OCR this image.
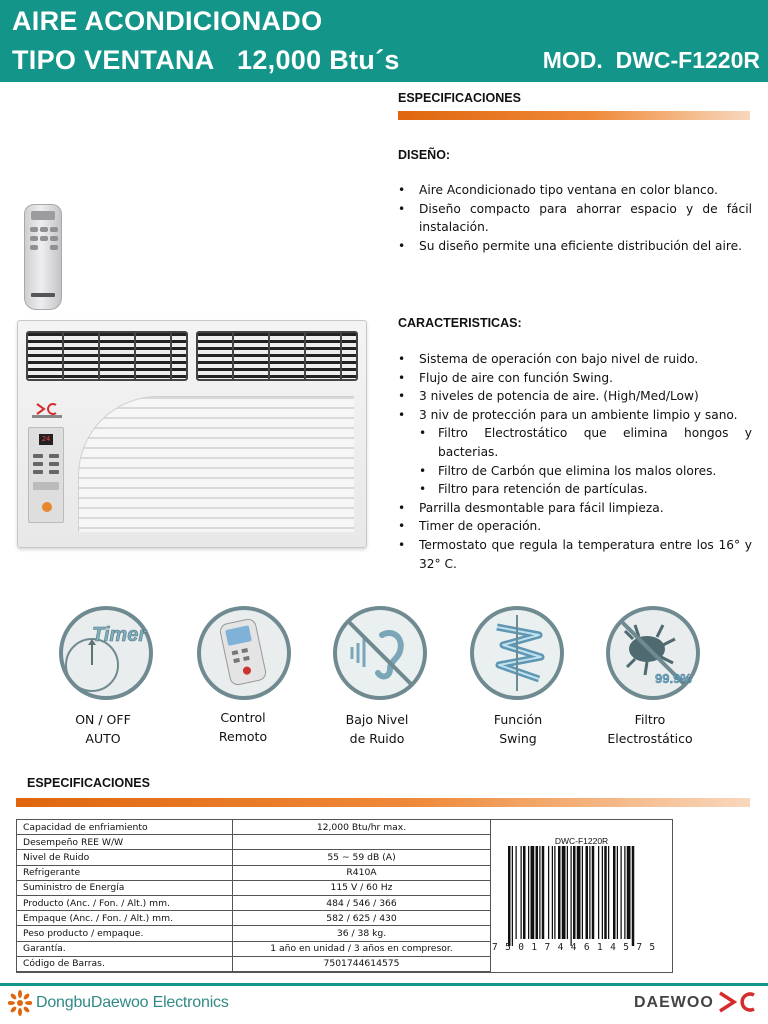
AIRE ACONDICIONADO
TIPO VENTANA   12,000 Btu´s	MOD.  DWC-F1220R
ESPECIFICACIONES
DISEÑO:
• Aire Acondicionado tipo ventana en color blanco.
• Diseño compacto para ahorrar espacio y de fácil instalación.
• Su diseño permite una eficiente distribución del aire.
CARACTERISTICAS:
• Sistema de operación con bajo nivel de ruido.
• Flujo de aire con función Swing.
• 3 niveles de potencia de aire. (High/Med/Low)
• 3 niv de protección para un ambiente limpio y sano.
• Filtro Electrostático que elimina hongos y bacterias.
• Filtro de Carbón que elimina los malos olores.
• Filtro para retención de partículas.
• Parrilla desmontable para fácil limpieza.
• Timer de operación.
• Termostato que regula la temperatura entre los 16° y 32° C.
24
Timer
99.9%
ON / OFF
AUTO
Control
Remoto
Bajo Nivel
de Ruido
Función
Swing
Filtro
Electrostático
ESPECIFICACIONES
Capacidad de enfriamiento	12,000 Btu/hr max.
Desempeño REE W/W	
Nivel de Ruido	55 ~ 59 dB (A)
Refrigerante	R410A
Suministro de Energía	115 V / 60 Hz
Producto (Anc. / Fon. / Alt.) mm.	484 / 546 / 366
Empaque (Anc. / Fon. / Alt.) mm.	582 / 625 / 430
Peso producto / empaque.	36 / 38 kg.
Garantía.	1 año en unidad / 3 años en compresor.
Código de Barras.	7501744614575
DWC-F1220R
7501744614575
DongbuDaewoo Electronics	DAEWOO
